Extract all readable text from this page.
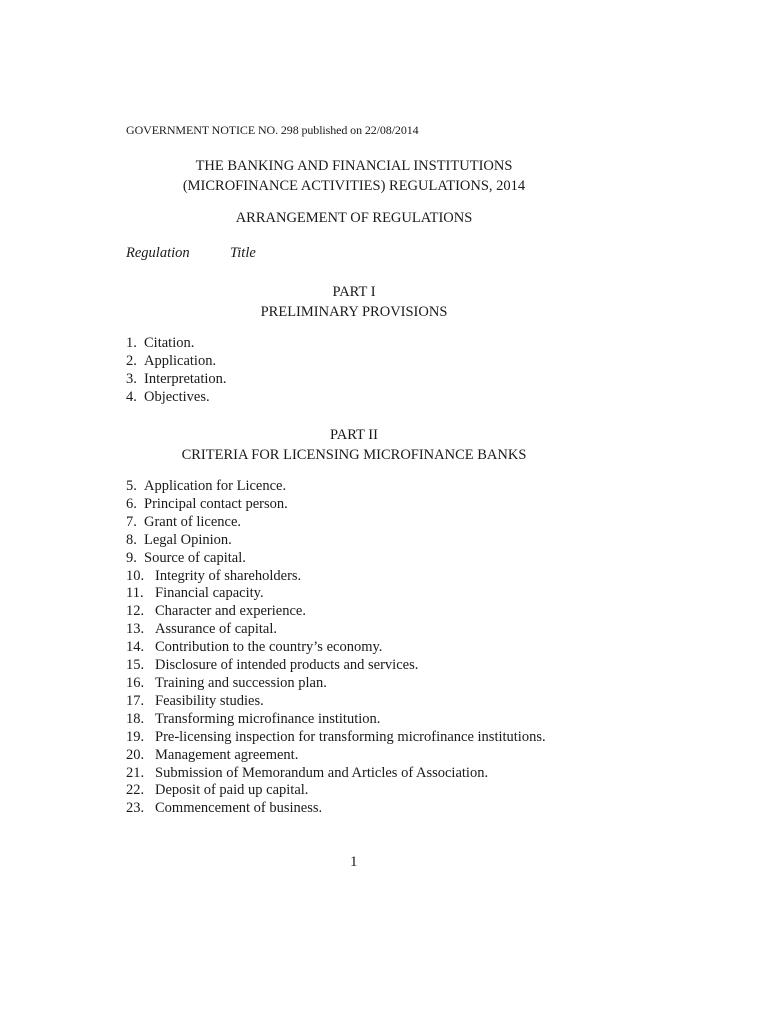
GOVERNMENT NOTICE NO. 298 published on 22/08/2014
THE BANKING AND FINANCIAL INSTITUTIONS
(MICROFINANCE ACTIVITIES) REGULATIONS, 2014
ARRANGEMENT OF REGULATIONS
Regulation	Title
PART I
PRELIMINARY PROVISIONS
1. Citation.
2. Application.
3. Interpretation.
4. Objectives.
PART II
CRITERIA FOR LICENSING MICROFINANCE BANKS
5. Application for Licence.
6. Principal contact person.
7. Grant of licence.
8. Legal Opinion.
9. Source of capital.
10. Integrity of shareholders.
11. Financial capacity.
12. Character and experience.
13. Assurance of capital.
14. Contribution to the country’s economy.
15. Disclosure of intended products and services.
16. Training and succession plan.
17. Feasibility studies.
18. Transforming microfinance institution.
19. Pre-licensing inspection for transforming microfinance institutions.
20. Management agreement.
21. Submission of Memorandum and Articles of Association.
22. Deposit of paid up capital.
23. Commencement of business.
1
